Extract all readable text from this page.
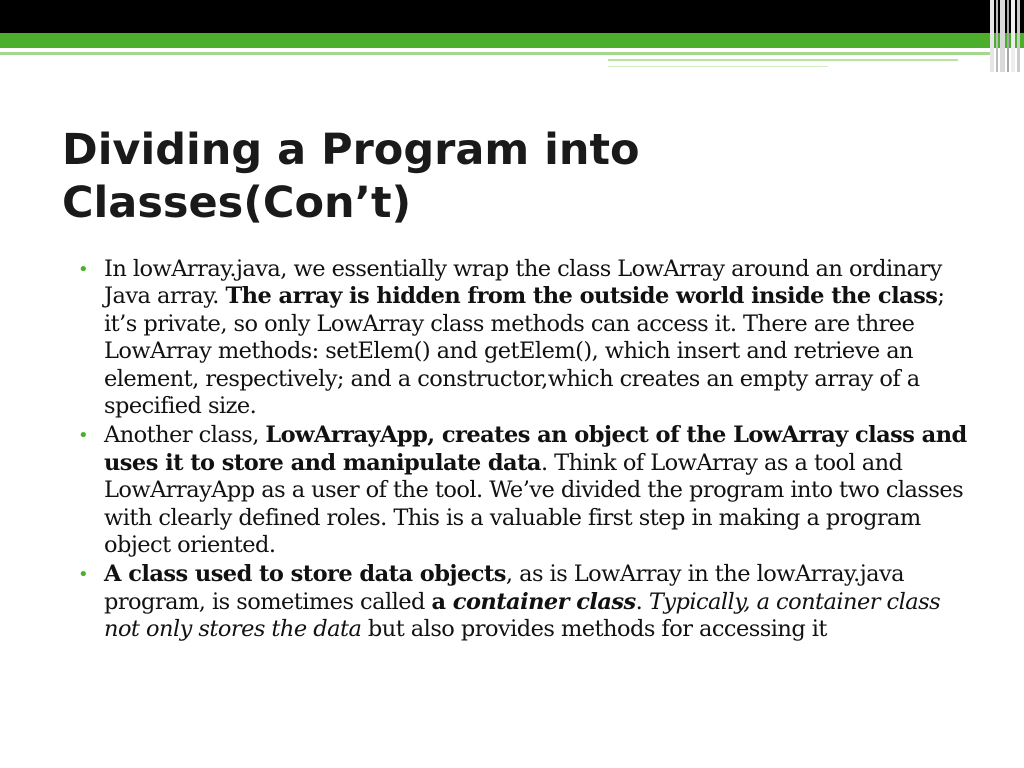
Dividing a Program into
Classes(Con’t)
• In lowArray.java, we essentially wrap the class LowArray around an ordinary Java array. The array is hidden from the outside world inside the class; it’s private, so only LowArray class methods can access it. There are three LowArray methods: setElem() and getElem(), which insert and retrieve an element, respectively; and a constructor,which creates an empty array of a specified size.
• Another class, LowArrayApp, creates an object of the LowArray class and uses it to store and manipulate data. Think of LowArray as a tool and LowArrayApp as a user of the tool. We’ve divided the program into two classes with clearly defined roles. This is a valuable first step in making a program object oriented.
• A class used to store data objects, as is LowArray in the lowArray.java program, is sometimes called a container class. Typically, a container class not only stores the data but also provides methods for accessing it
